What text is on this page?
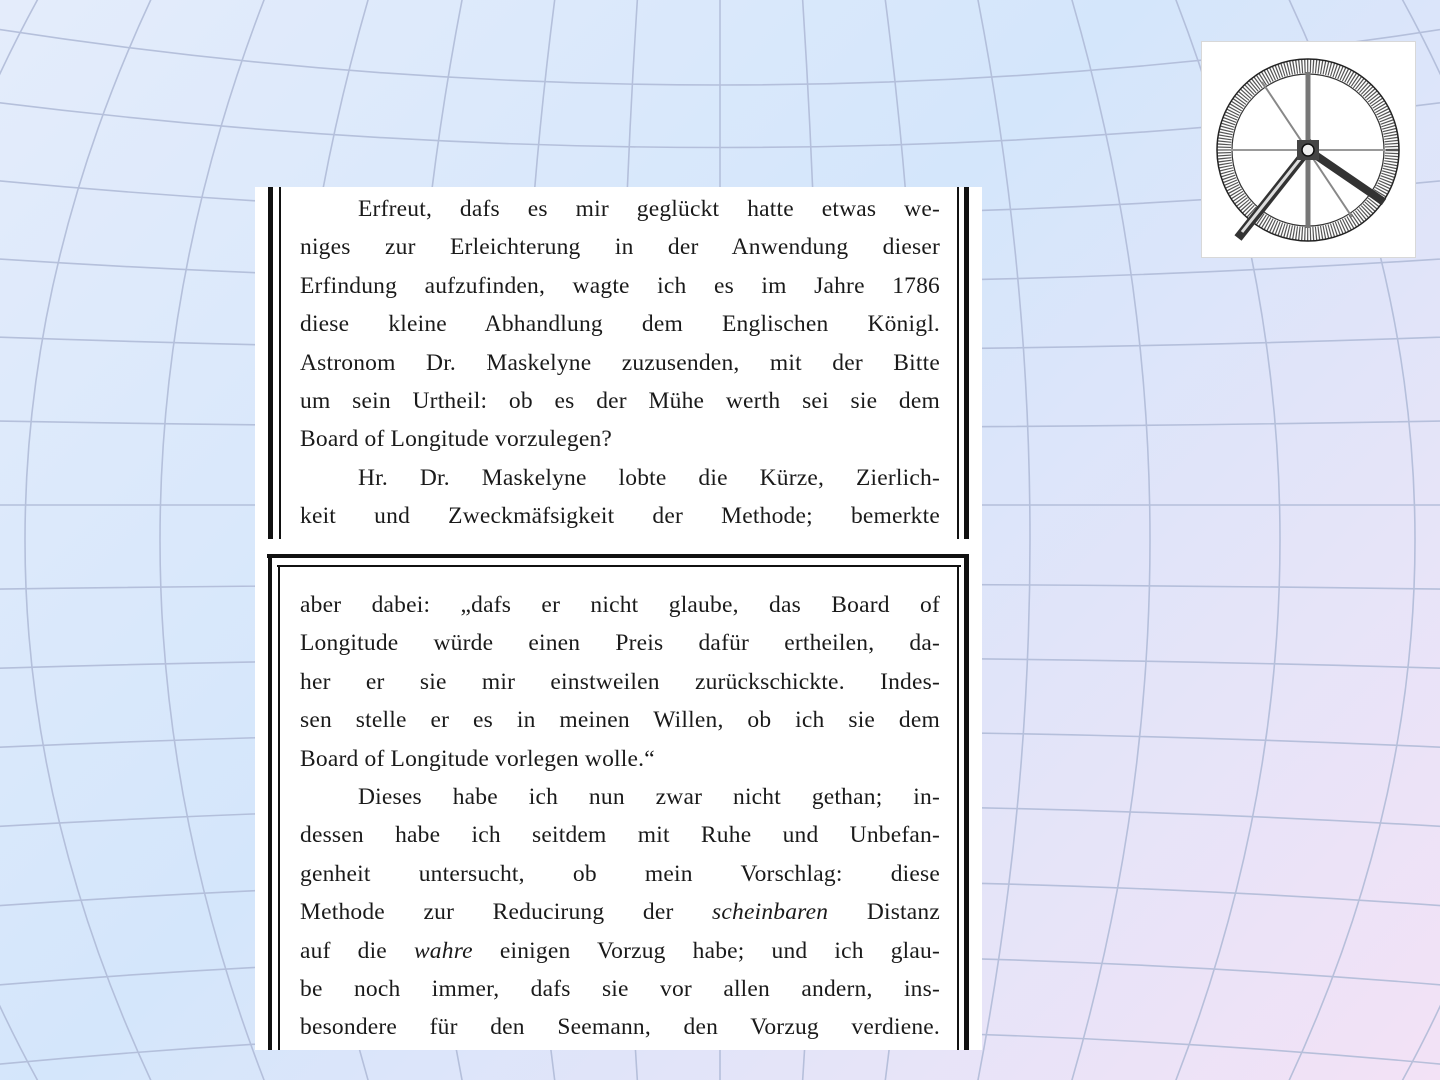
Erfreut, dafs es mir geglückt hatte etwas we-
niges zur Erleichterung in der Anwendung dieser
Erfindung aufzufinden, wagte ich es im Jahre 1786
diese kleine Abhandlung dem Englischen Königl.
Astronom Dr. Maskelyne zuzusenden, mit der Bitte
um sein Urtheil: ob es der Mühe werth sei sie dem
Board of Longitude vorzulegen?
Hr. Dr. Maskelyne lobte die Kürze, Zierlich-
keit und Zweckmäfsigkeit der Methode; bemerkte
aber dabei: „dafs er nicht glaube, das Board of
Longitude würde einen Preis dafür ertheilen, da-
her er sie mir einstweilen zurückschickte. Indes-
sen stelle er es in meinen Willen, ob ich sie dem
Board of Longitude vorlegen wolle.“
Dieses habe ich nun zwar nicht gethan; in-
dessen habe ich seitdem mit Ruhe und Unbefan-
genheit untersucht, ob mein Vorschlag: diese
Methode zur Reducirung der scheinbaren Distanz
auf die wahre einigen Vorzug habe; und ich glau-
be noch immer, dafs sie vor allen andern, ins-
besondere für den Seemann, den Vorzug verdiene.
